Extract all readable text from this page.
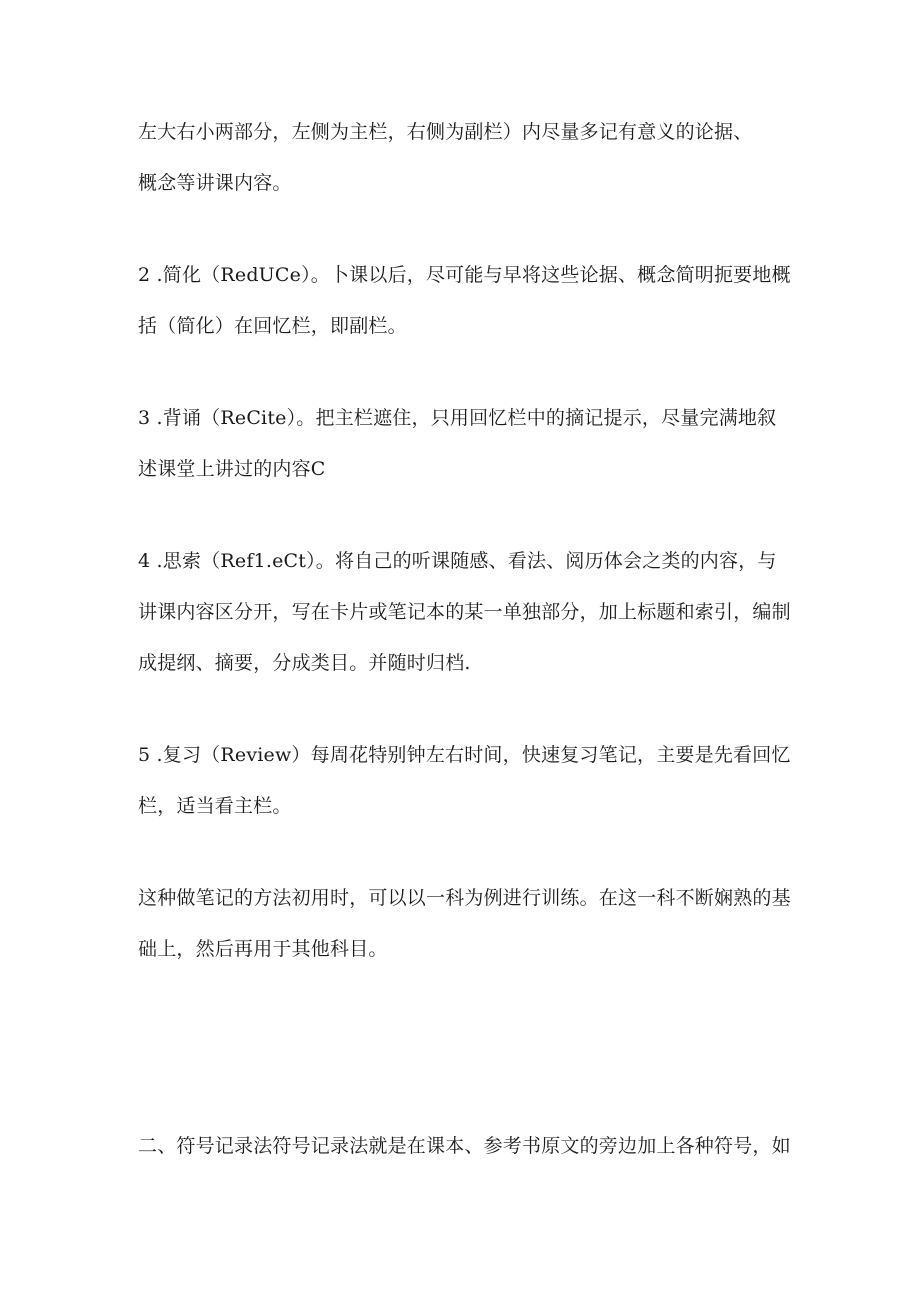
左大右小两部分，左侧为主栏，右侧为副栏）内尽量多记有意义的论据、
概念等讲课内容。
2 .简化（RedUCe）。卜课以后，尽可能与早将这些论据、概念简明扼要地概
括（简化）在回忆栏，即副栏。
3 .背诵（ReCite）。把主栏遮住，只用回忆栏中的摘记提示，尽量完满地叙
述课堂上讲过的内容C
4 .思索（Ref1.eCt）。将自己的听课随感、看法、阅历体会之类的内容，与
讲课内容区分开，写在卡片或笔记本的某一单独部分，加上标题和索引，编制
成提纲、摘要，分成类目。并随时归档.
5 .复习（Review）每周花特别钟左右时间，快速复习笔记，主要是先看回忆
栏，适当看主栏。
这种做笔记的方法初用时，可以以一科为例进行训练。在这一科不断娴熟的基
础上，然后再用于其他科目。
二、符号记录法符号记录法就是在课本、参考书原文的旁边加上各种符号，如
